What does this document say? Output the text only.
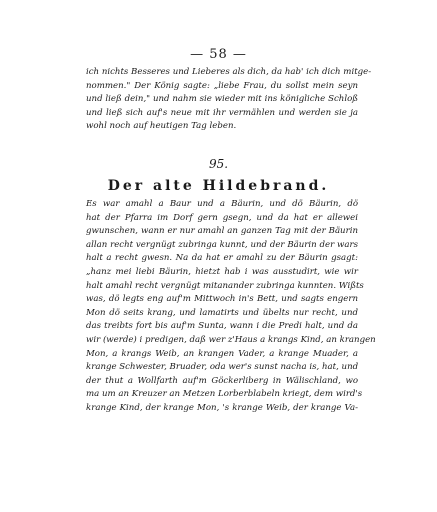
— 58 —
ich nichts Besseres und Lieberes als dich, da hab' ich dich mitge-
nommen." Der König sagte: „liebe Frau, du sollst mein seyn
und ließ dein," und nahm sie wieder mit ins königliche Schloß
und ließ sich auf's neue mit ihr vermählen und werden sie ja
wohl noch auf heutigen Tag leben.
95.
Der alte Hildebrand.
Es war amahl a Baur und a Bäurin, und dö Bäurin, dö
hat der Pfarra im Dorf gern gsegn, und da hat er allewei
gwunschen, wann er nur amahl an ganzen Tag mit der Bäurin
allan recht vergnügt zubringa kunnt, und der Bäurin der wars
halt a recht gwesn. Na da hat er amahl zu der Bäurin gsagt:
„hanz mei liebi Bäurin, hietzt hab i was ausstudirt, wie wir
halt amahl recht vergnügt mitanander zubringa kunnten. Wißts
was, dö legts eng auf'm Mittwoch in's Bett, und sagts engern
Mon dö seits krang, und lamatirts und übelts nur recht, und
das treibts fort bis auf'm Sunta, wann i die Predi halt, und da
wir (werde) i predigen, daß wer z'Haus a krangs Kind, an krangen
Mon, a krangs Weib, an krangen Vader, a krange Muader, a
krange Schwester, Bruader, oda wer's sunst nacha is, hat, und
der thut a Wollfarth auf'm Göckerliberg in Wälischland, wo
ma um an Kreuzer an Metzen Lorberblabeln kriegt, dem wird's
krange Kind, der krange Mon, 's krange Weib, der krange Va-
